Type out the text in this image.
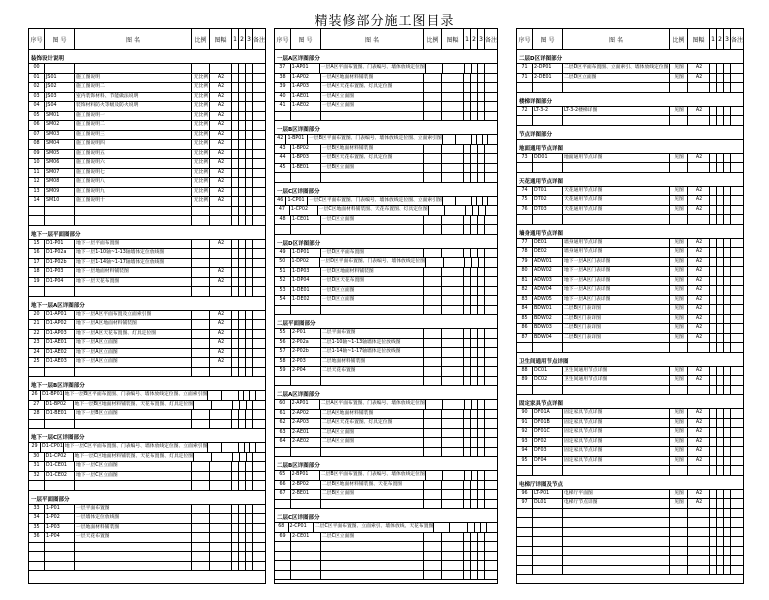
精装修部分施工图目录
序号	图 号	图 名	比例	图幅	1 2 3 备注
装饰设计说明
00
01	JS01	施工图说明	无比例	A2
02	JS02	施工图说明二	无比例	A2
03	JS03	室内装饰材料、节能做法说明	无比例	A2
04	JS04	装饰材料防火等级及防火说明	无比例	A2
05	SM01	施工图说明一	无比例	A2
06	SM02	施工图说明二	无比例	A2
07	SM03	施工图说明三	无比例	A2
08	SM04	施工图说明四	无比例	A2
09	SM05	施工图说明五	无比例	A2
10	SM06	施工图说明六	无比例	A2
11	SM07	施工图说明七	无比例	A2
12	SM08	施工图说明八	无比例	A2
13	SM09	施工图说明九	无比例	A2
14	SM10	施工图说明十	无比例	A2
地下一层平面图部分
15	D1-P01	地下一层平面布置图	A2
16	D1-P02a	地下一层1-10轴~1-13轴墙体定位放线图
17	D1-P02b	地下一层1-14轴~1-17轴墙体定位放线图
18	D1-P03	地下一层地面材料铺装图	A2
19	D1-P04	地下一层天花布置图	A2
地下一层A区详图部分
20	D1-AP01	地下一层A区平面布置及立面索引图	A2
21	D1-AP02	地下一层A区地面材料铺装图	A2
22	D1-AP03	地下一层A区天花布置图、灯具定位图	A2
23	D1-AE01	地下一层A区立面图	A2
24	D1-AE02	地下一层A区立面图	A2
25	D1-AE03	地下一层A区立面图	A2
地下一层B区详图部分
26 D1-BP01 地下一层B区平面布置图、门表编号、墙体放线定位图、立面索引图
27	D1-BP02	地下一层B区地面材料铺装图、天花布置图、灯具定位图
28	D1-BE01	地下一层B区立面图
地下一层C区详图部分
29 D1-CP01 地下一层C区平面布置图、门表编号、墙体放线定位图、立面索引图
30	D1-CP02	地下一层C区地面材料铺装图、天花布置图、灯具定位图
31	D1-CE01	地下一层C区立面图
32	D1-CE02	地下一层C区立面图
一层平面图部分
33	1-P01	一层平面布置图
34	1-P02	一层墙体定位放线图
35	1-P03	一层地面材料铺装图
36	1-P04	一层天花布置图
序号	图 号	图 名	比例	图幅	1 2 3 备注
一层A区详图部分
37	1-AP01	一层A区平面布置图、门表编号、墙体放线定位图
38	1-AP02	一层A区地面材料铺装图
39	1-AP03	一层A区天花布置图、灯具定位图
40	1-AE01	一层A区立面图
41	1-AE02	一层A区立面图
一层B区详图部分
42 1-BP01 一层B区平面布置图、门表编号、墙体放线定位图、立面索引图
43	1-BP02	一层B区地面材料铺装图
44	1-BP03	一层B区天花布置图、灯具定位图
45	1-BE01	一层B区立面图
一层C区详图部分
46 1-CP01 一层C区平面布置图、门表编号、墙体放线定位图、立面索引图
47	1-CP02	一层C区地面材料铺装图、天花布置图、灯具定位图
48	1-CE01	一层C区立面图
一层D区详图部分
49	1-DP01	一层D区平面布置图
50	1-DP02	一层D区平面布置图、门表编号、墙体放线定位图
51	1-DP03	一层D区地面材料铺装图
52	1-DP04	一层D区天花布置图
53	1-DE01	一层D区立面图
54	1-DE02	一层D区立面图
二层平面图部分
55	2-P01	二层平面布置图
56	2-P02a	二层1-10轴~1-13轴墙体定位放线图
57	2-P02b	二层1-14轴~1-17轴墙体定位放线图
58	2-P03	二层地面材料铺装图
59	2-P04	二层天花布置图
二层A区详图部分
60	2-AP01	二层A区平面布置图、门表编号、墙体放线定位图
61	2-AP02	二层A区地面材料铺装图
62	2-AP03	二层A区天花布置图、灯具定位图
63	2-AE01	二层A区立面图
64	2-AE02	二层A区立面图
二层B区详图部分
65	2-BP01	二层B区平面布置图、门表编号、墙体放线定位图
66	2-BP02	二层B区地面材料铺装图、天花布置图
67	2-BE01	二层B区立面图
二层C区详图部分
68	2-CP01	二层C区平面布置图、立面索引、墙体放线、天花布置图
69	2-CE01	二层C区立面图
序号	图 号	图 名	比例	图幅	1 2 3 备注
二层D区详图部分
71	2-DP01	二层D区平面布置图、立面索引、墙体放线定位图	见图	A2
71	2-DE01	二层D区立面图	见图	A2
楼梯详图部分
72	LT-3-2	LT-3-2楼梯详图	见图	A2
节点详图部分
地面通用节点详图
73	DD01	地面通用节点详图	见图	A2
天花通用节点详图
74	DT01	天花通用节点详图	见图	A2
75	DT02	天花通用节点详图	见图	A2
76	DT03	天花通用节点详图	见图	A2
墙身通用节点详图
77	DE01	墙身通用节点详图	见图	A2
78	DE02	墙身通用节点详图	见图	A2
79	ADW01	地下一层A区门表详图	见图	A2
80	ADW02	地下一层A区门表详图	见图	A2
81	ADW03	地下一层A区门表详图	见图	A2
82	ADW04	地下一层A区门表详图	见图	A2
83	ADW05	地下一层A区门表详图	见图	A2
84	BDW01	二层B区门表详图	见图	A2
85	BDW02	二层B区门表详图	见图	A2
86	BDW03	二层B区门表详图	见图	A2
87	BDW04	二层B区门表详图	见图	A2
卫生间通用节点详图
88	DC01	卫生间通用节点详图	见图	A2
89	DC02	卫生间通用节点详图	见图	A2
固定家具节点详图
90	DF01A	固定家具节点详图	见图	A2
91	DF01B	固定家具节点详图	见图	A2
92	DF01C	固定家具节点详图	见图	A2
93	DF02	固定家具节点详图	见图	A2
94	DF03	固定家具节点详图	见图	A2
95	DF04	固定家具节点详图	见图	A2
电梯厅详图及节点
96	LT-P01	电梯厅平面图	见图	A2
97	DL01	电梯厅节点详图	见图	A2
